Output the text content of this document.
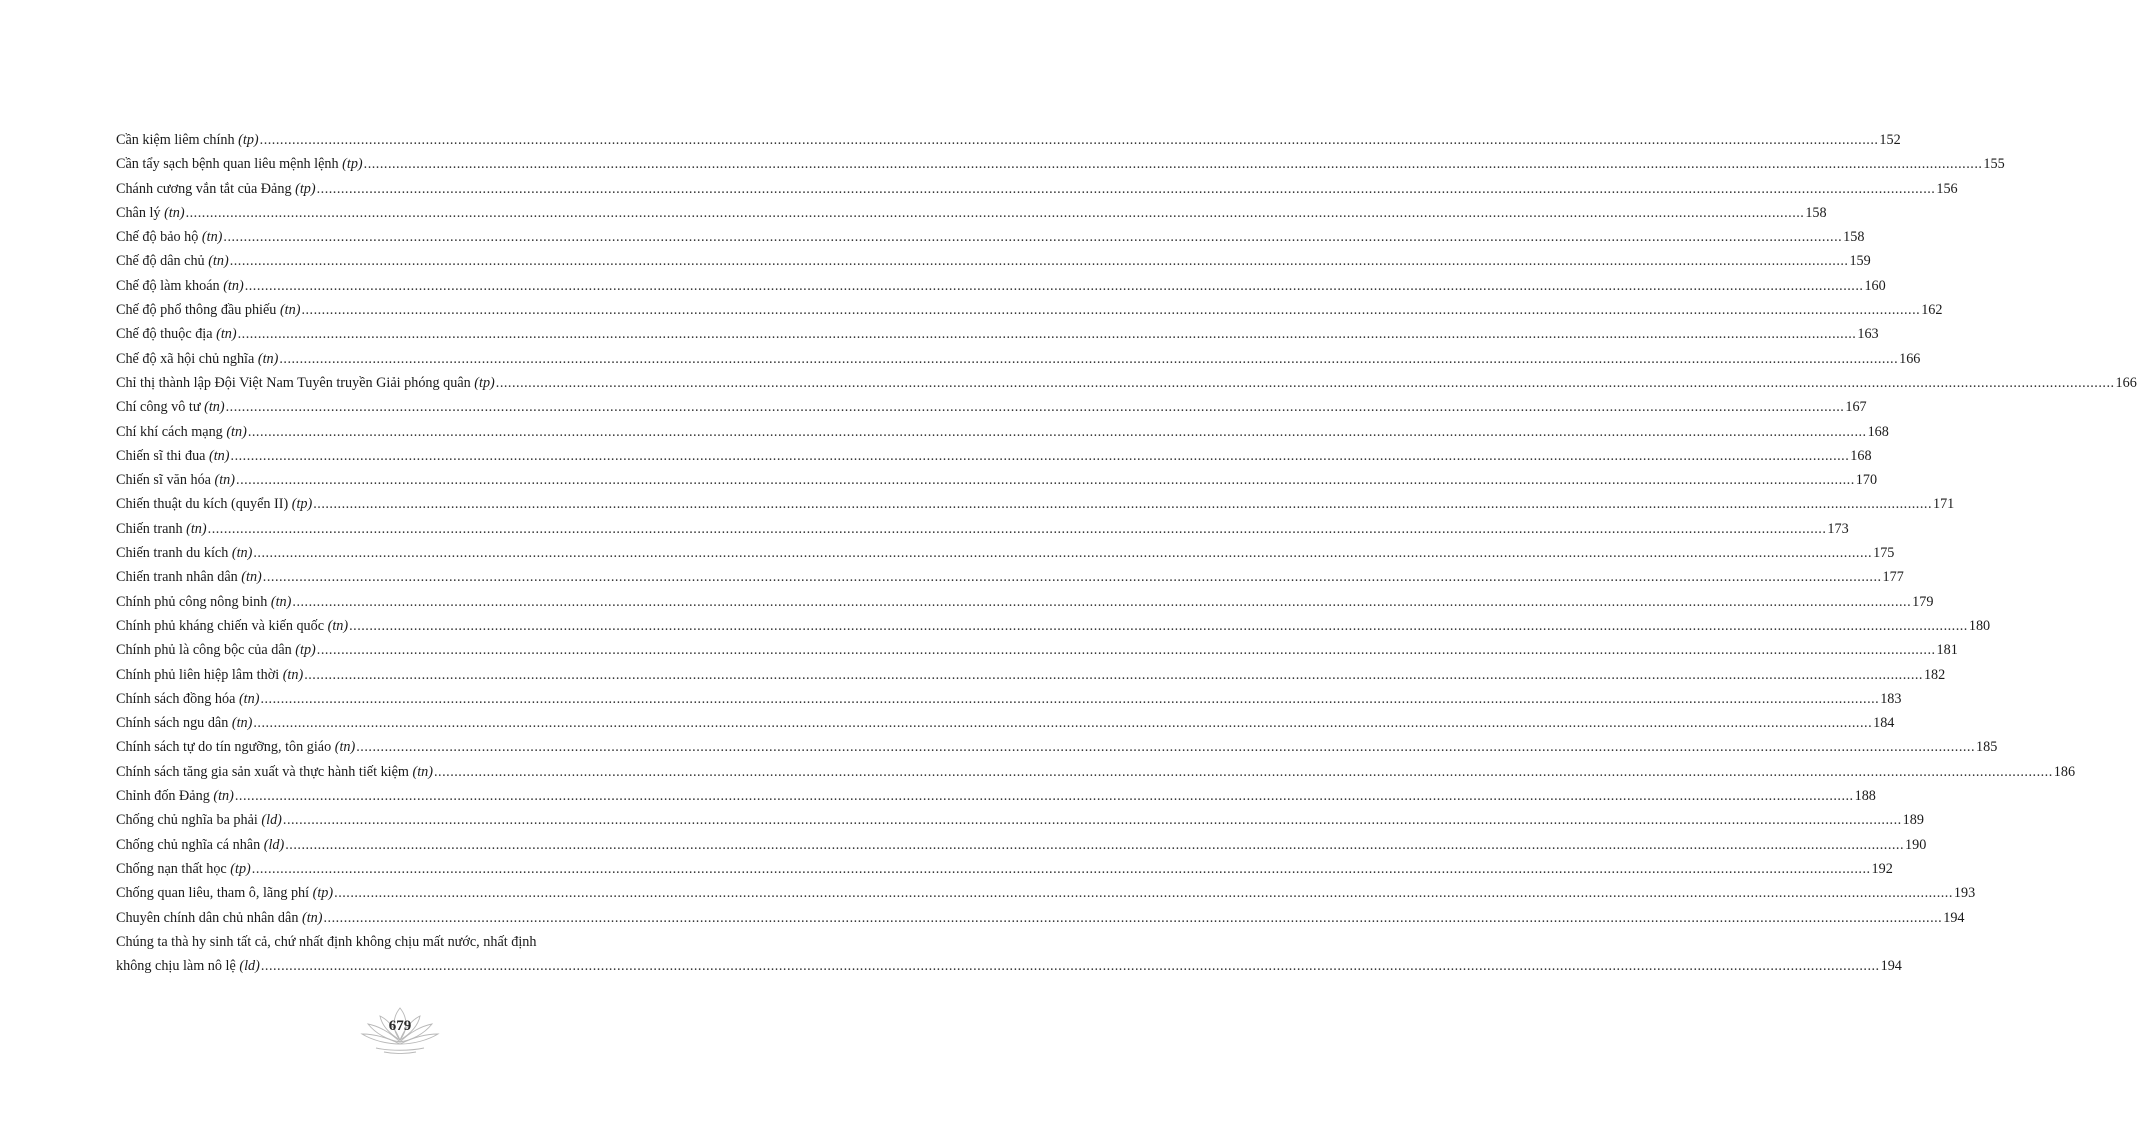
Cần kiệm liêm chính (tp) ................................................................................................................................................................................................................................................................................................................................................................................................................ 152
Cần tẩy sạch bệnh quan liêu mệnh lệnh (tp) ................................................................................................................................................................................................................................................................................................................................................................................................................ 155
Chánh cương vắn tắt của Đảng (tp) ................................................................................................................................................................................................................................................................................................................................................................................................................ 156
Chân lý (tn) ................................................................................................................................................................................................................................................................................................................................................................................................................ 158
Chế độ bảo hộ (tn) ................................................................................................................................................................................................................................................................................................................................................................................................................ 158
Chế độ dân chủ (tn) ................................................................................................................................................................................................................................................................................................................................................................................................................ 159
Chế độ làm khoán (tn) ................................................................................................................................................................................................................................................................................................................................................................................................................ 160
Chế độ phổ thông đầu phiếu (tn) ................................................................................................................................................................................................................................................................................................................................................................................................................ 162
Chế độ thuộc địa (tn) ................................................................................................................................................................................................................................................................................................................................................................................................................ 163
Chế độ xã hội chủ nghĩa (tn) ................................................................................................................................................................................................................................................................................................................................................................................................................ 166
Chỉ thị thành lập Đội Việt Nam Tuyên truyền Giải phóng quân (tp) ................................................................................................................................................................................................................................................................................................................................................................................................................ 166
Chí công vô tư (tn) ................................................................................................................................................................................................................................................................................................................................................................................................................ 167
Chí khí cách mạng (tn) ................................................................................................................................................................................................................................................................................................................................................................................................................ 168
Chiến sĩ thi đua (tn) ................................................................................................................................................................................................................................................................................................................................................................................................................ 168
Chiến sĩ văn hóa (tn) ................................................................................................................................................................................................................................................................................................................................................................................................................ 170
Chiến thuật du kích (quyển II) (tp) ................................................................................................................................................................................................................................................................................................................................................................................................................ 171
Chiến tranh (tn) ................................................................................................................................................................................................................................................................................................................................................................................................................ 173
Chiến tranh du kích (tn) ................................................................................................................................................................................................................................................................................................................................................................................................................ 175
Chiến tranh nhân dân (tn) ................................................................................................................................................................................................................................................................................................................................................................................................................ 177
Chính phủ công nông binh (tn) ................................................................................................................................................................................................................................................................................................................................................................................................................ 179
Chính phủ kháng chiến và kiến quốc (tn) ................................................................................................................................................................................................................................................................................................................................................................................................................ 180
Chính phủ là công bộc của dân (tp) ................................................................................................................................................................................................................................................................................................................................................................................................................ 181
Chính phủ liên hiệp lâm thời (tn) ................................................................................................................................................................................................................................................................................................................................................................................................................ 182
Chính sách đồng hóa (tn) ................................................................................................................................................................................................................................................................................................................................................................................................................ 183
Chính sách ngu dân (tn) ................................................................................................................................................................................................................................................................................................................................................................................................................ 184
Chính sách tự do tín ngưỡng, tôn giáo (tn) ................................................................................................................................................................................................................................................................................................................................................................................................................ 185
Chính sách tăng gia sản xuất và thực hành tiết kiệm (tn) ................................................................................................................................................................................................................................................................................................................................................................................................................ 186
Chỉnh đốn Đảng (tn) ................................................................................................................................................................................................................................................................................................................................................................................................................ 188
Chống chủ nghĩa ba phải (ld) ................................................................................................................................................................................................................................................................................................................................................................................................................ 189
Chống chủ nghĩa cá nhân (ld) ................................................................................................................................................................................................................................................................................................................................................................................................................ 190
Chống nạn thất học (tp) ................................................................................................................................................................................................................................................................................................................................................................................................................ 192
Chống quan liêu, tham ô, lãng phí (tp) ................................................................................................................................................................................................................................................................................................................................................................................................................ 193
Chuyên chính dân chủ nhân dân (tn) ................................................................................................................................................................................................................................................................................................................................................................................................................ 194
Chúng ta thà hy sinh tất cả, chứ nhất định không chịu mất nước, nhất định
không chịu làm nô lệ (ld) ................................................................................................................................................................................................................................................................................................................................................................................................................ 194
679
